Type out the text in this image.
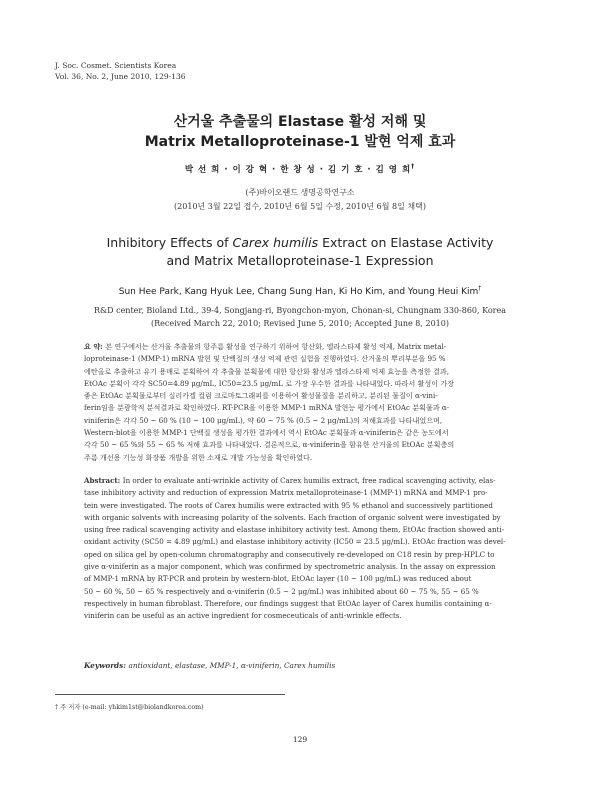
J. Soc. Cosmet. Scientists Korea
Vol. 36, No. 2, June 2010, 129-136
산거울 추출물의 Elastase 활성 저해 및
Matrix Metalloproteinase-1 발현 억제 효과
박 선 희 · 이 강 혁 · 한 창 성 · 김 기 호 · 김 영 희†
(주)바이오랜드 생명공학연구소
(2010년 3월 22일 접수, 2010년 6월 5일 수정, 2010년 6월 8일 채택)
Inhibitory Effects of Carex humilis Extract on Elastase Activity
and Matrix Metalloproteinase-1 Expression
Sun Hee Park, Kang Hyuk Lee, Chang Sung Han, Ki Ho Kim, and Young Heui Kim†
R&D center, Bioland Ltd., 39-4, Songjang-ri, Byongchon-myon, Chonan-si, Chungnam 330-860, Korea
(Received March 22, 2010; Revised June 5, 2010; Accepted June 8, 2010)
요 약: 본 연구에서는 산거울 추출물의 항주름 활성을 연구하기 위하여 항산화, 엘라스타제 활성 억제, Matrix metal-
loproteinase-1 (MMP-1) mRNA 발현 및 단백질의 생성 억제 관련 실험을 진행하였다. 산거울의 뿌리부분을 95 %
에탄올로 추출하고 유기 용매로 분획하여 각 추출물 분획물에 대한 항산화 활성과 엘라스타제 억제 효능을 측정한 결과,
EtOAc 분획이 각각 SC50=4.89 μg/mL, IC50=23.5 μg/mL 로 가장 우수한 결과를 나타내었다. 따라서 활성이 가장
좋은 EtOAc 분획물로부터 실리카겔 컬럼 크로마토그래피를 이용하여 활성물질을 분리하고, 분리된 물질이 α-vini-
ferin임을 분광학적 분석결과로 확인하였다. RT-PCR을 이용한 MMP-1 mRNA 발현능 평가에서 EtOAc 분획물과 α-
viniferin은 각각 50 ~ 60 % (10 ~ 100 μg/mL), 약 60 ~ 75 % (0.5 ~ 2 μg/mL)의 저해효과를 나타내었으며,
Western-blot을 이용한 MMP-1 단백질 생성을 평가한 결과에서 역시 EtOAc 분획물과 α-viniferin은 같은 농도에서
각각 50 ~ 65 %와 55 ~ 65 % 저해 효과를 나타내었다. 결론적으로, α-viniferin을 함유한 산거울의 EtOAc 분획층의
주름 개선용 기능성 화장품 개발을 위한 소재로 개발 가능성을 확인하였다.
Abstract: In order to evaluate anti-wrinkle activity of Carex humilis extract, free radical scavenging activity, elas-
tase inhibitory activity and reduction of expression Matrix metalloproteinase-1 (MMP-1) mRNA and MMP-1 pro-
tein were investigated. The roots of Carex humilis were extracted with 95 % ethanol and successively partitioned
with organic solvents with increasing polarity of the solvents. Each fraction of organic solvent were investigated by
using free radical scavenging activity and elastase inhibitory activity test. Among them, EtOAc fraction showed anti-
oxidant activity (SC50 = 4.89 μg/mL) and elastase inhibitory activity (IC50 = 23.5 μg/mL). EtOAc fraction was devel-
oped on silica gel by open-column chromatography and consecutively re-developed on C18 resin by prep-HPLC to
give α-viniferin as a major component, which was confirmed by spectrometric analysis. In the assay on expression
of MMP-1 mRNA by RT-PCR and protein by western-blot, EtOAc layer (10 ~ 100 μg/mL) was reduced about
50 ~ 60 %, 50 ~ 65 % respectively and α-viniferin (0.5 ~ 2 μg/mL) was inhibited about 60 ~ 75 %, 55 ~ 65 %
respectively in human fibroblast. Therefore, our findings suggest that EtOAc layer of Carex humilis containing α-
viniferin can be useful as an active ingredient for cosmeceuticals of anti-wrinkle effects.
Keywords: antioxidant, elastase, MMP-1, α-viniferin, Carex humilis
† 주 저자 (e-mail: yhkim1st@biolandkorea.com)
129
